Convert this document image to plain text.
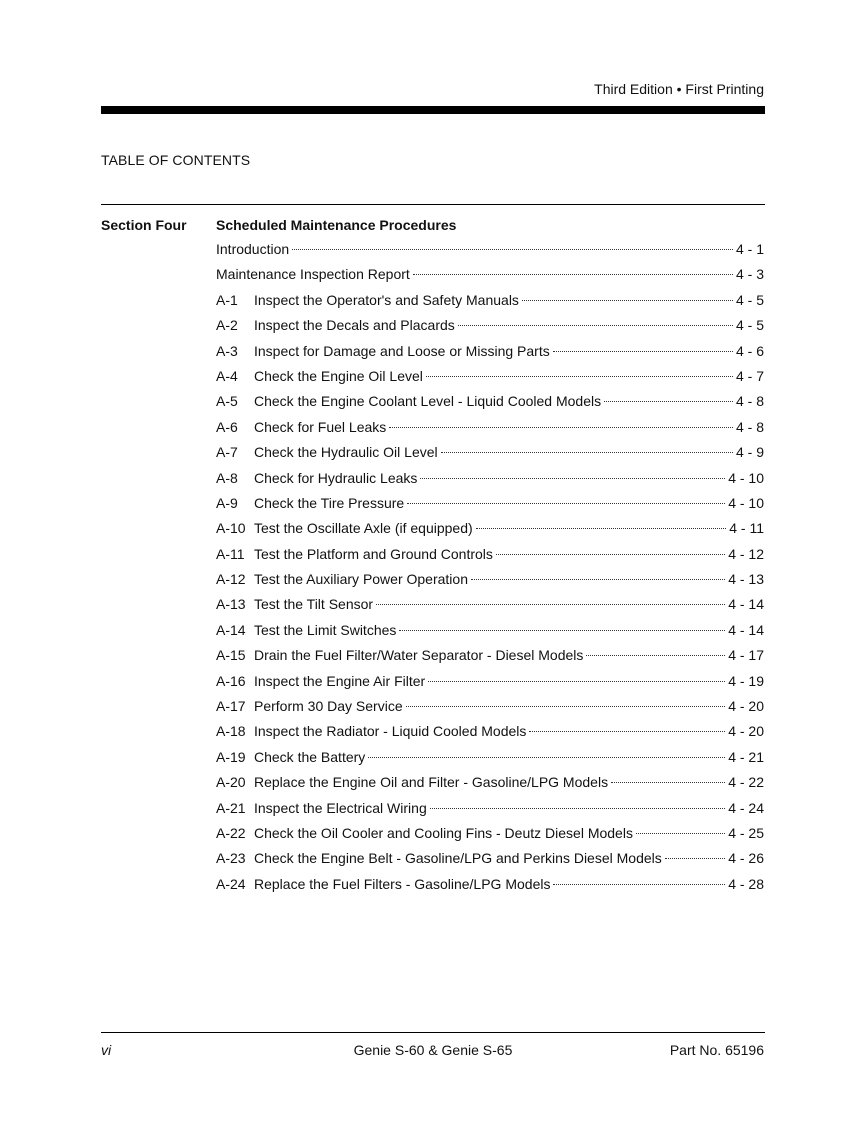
Third Edition • First Printing
TABLE OF CONTENTS
Section Four Scheduled Maintenance Procedures
Introduction	4 - 1
Maintenance Inspection Report	4 - 3
A-1	Inspect the Operator's and Safety Manuals	4 - 5
A-2	Inspect the Decals and Placards	4 - 5
A-3	Inspect for Damage and Loose or Missing Parts	4 - 6
A-4	Check the Engine Oil Level	4 - 7
A-5	Check the Engine Coolant Level - Liquid Cooled Models	4 - 8
A-6	Check for Fuel Leaks	4 - 8
A-7	Check the Hydraulic Oil Level	4 - 9
A-8	Check for Hydraulic Leaks	4 - 10
A-9	Check the Tire Pressure	4 - 10
A-10 Test the Oscillate Axle (if equipped)	4 - 11
A-11 Test the Platform and Ground Controls	4 - 12
A-12 Test the Auxiliary Power Operation	4 - 13
A-13 Test the Tilt Sensor	4 - 14
A-14 Test the Limit Switches	4 - 14
A-15 Drain the Fuel Filter/Water Separator - Diesel Models	4 - 17
A-16 Inspect the Engine Air Filter	4 - 19
A-17 Perform 30 Day Service	4 - 20
A-18 Inspect the Radiator - Liquid Cooled Models	4 - 20
A-19 Check the Battery	4 - 21
A-20 Replace the Engine Oil and Filter - Gasoline/LPG Models	4 - 22
A-21 Inspect the Electrical Wiring	4 - 24
A-22 Check the Oil Cooler and Cooling Fins - Deutz Diesel Models	4 - 25
A-23 Check the Engine Belt - Gasoline/LPG and Perkins Diesel Models	4 - 26
A-24 Replace the Fuel Filters - Gasoline/LPG Models	4 - 28
vi	Genie S-60 & Genie S-65	Part No. 65196
